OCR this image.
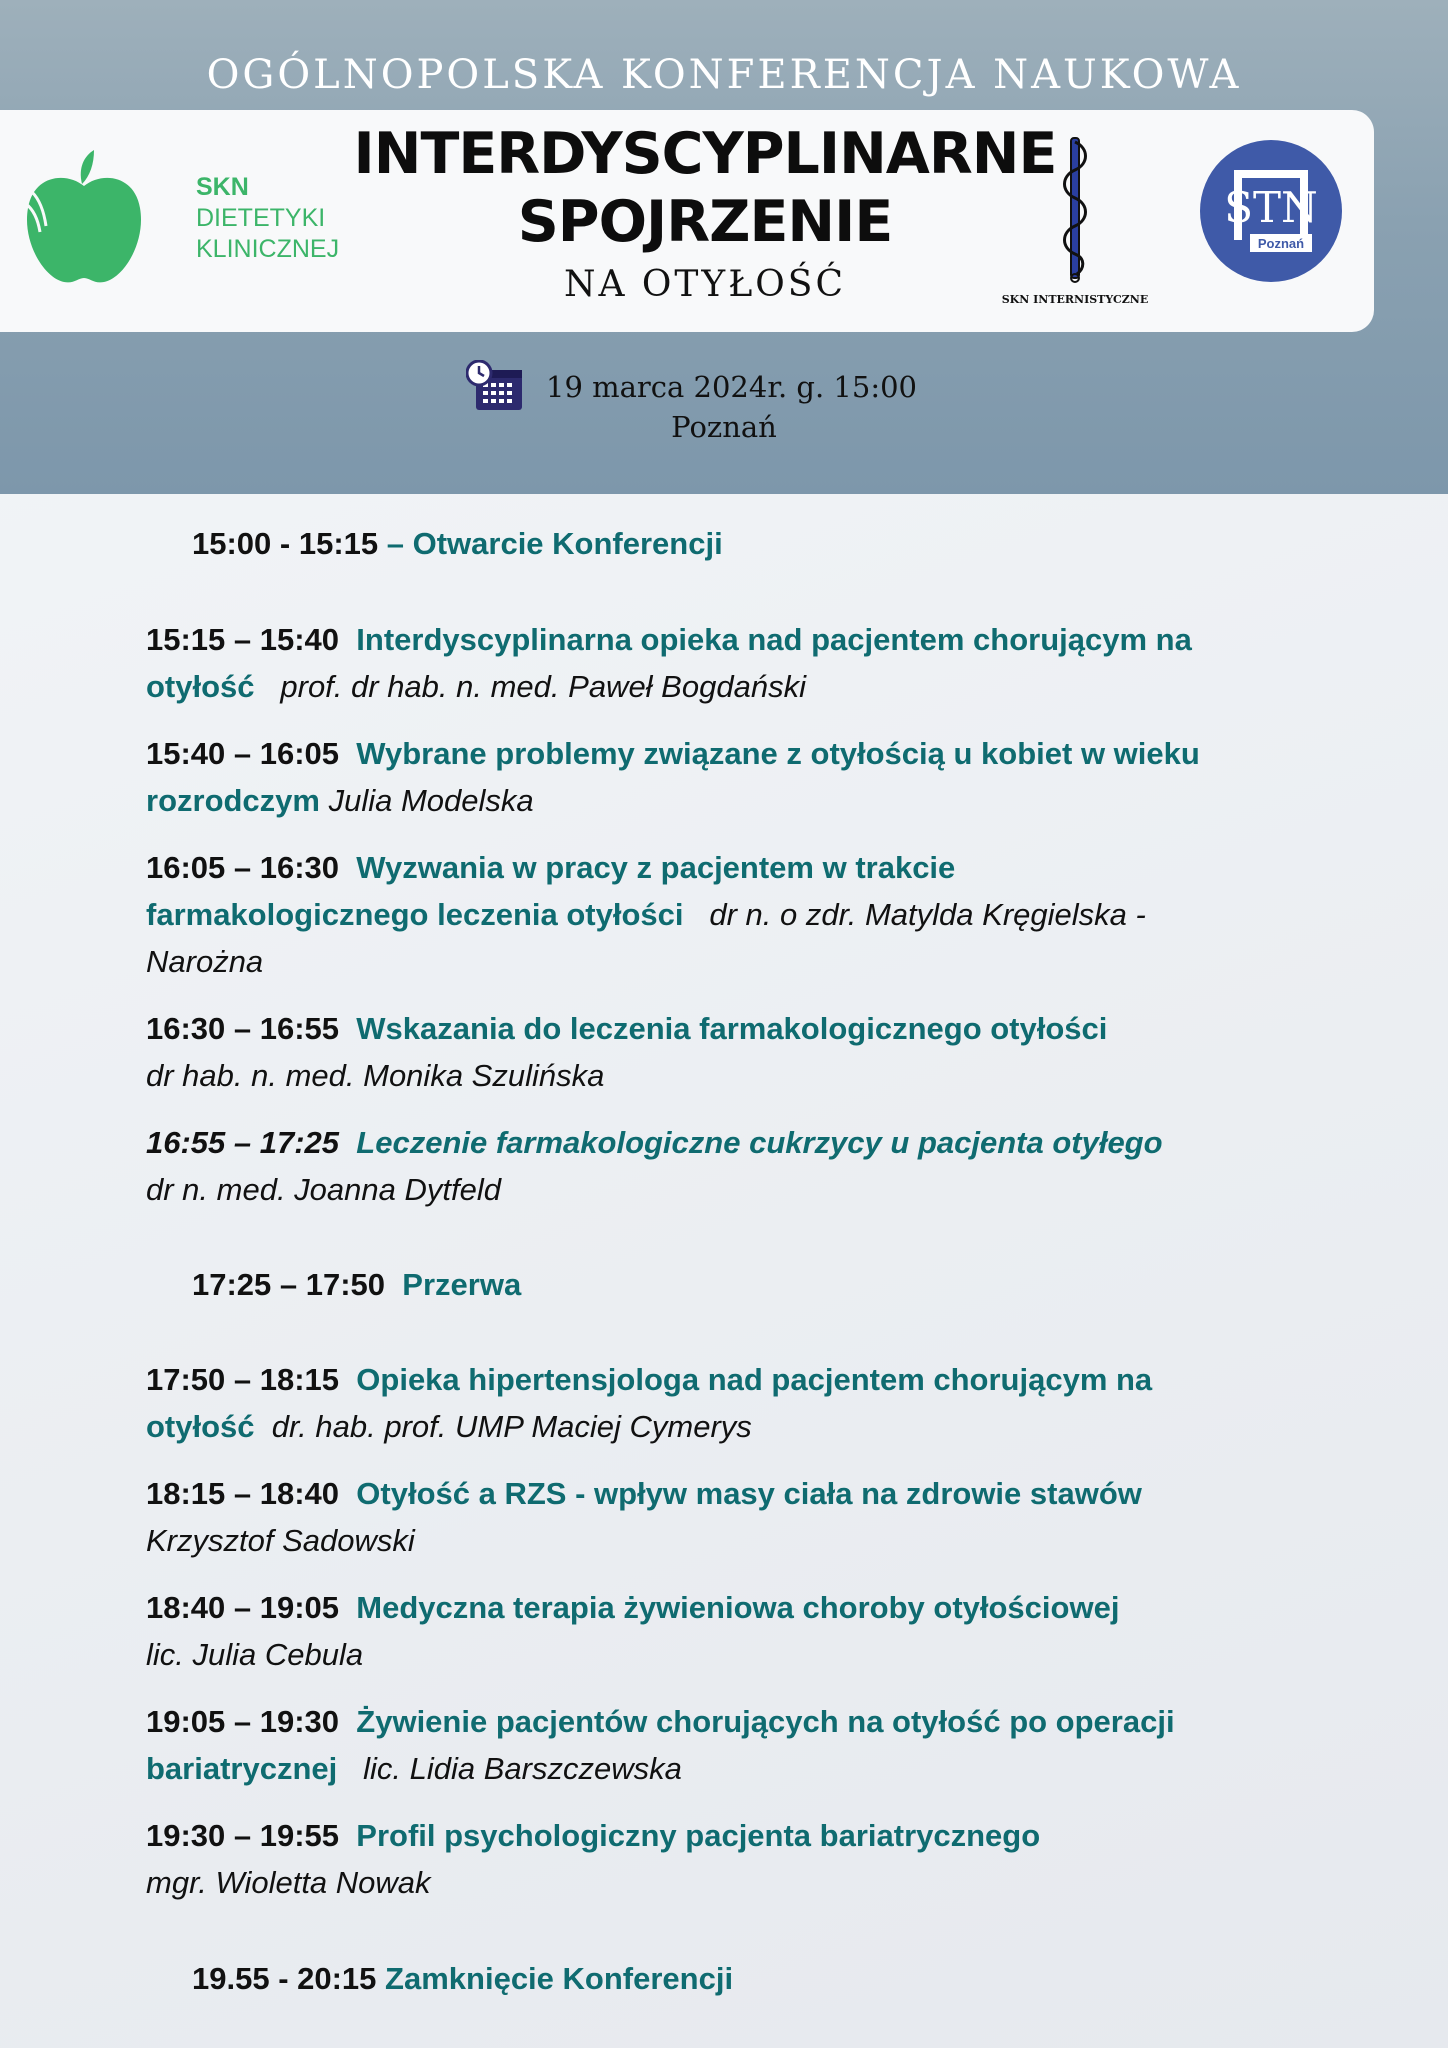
OGÓLNOPOLSKA KONFERENCJA NAUKOWA
SKN
DIETETYKI
KLINICZNEJ
INTERDYSCYPLINARNE
SPOJRZENIE
NA OTYŁOŚĆ	SKN INTERNISTYCZNE
STN
Poznań
19 marca 2024r. g. 15:00
Poznań
15:00 - 15:15 – Otwarcie Konferencji
15:15 – 15:40 Interdyscyplinarna opieka nad pacjentem chorującym na
otyłość prof. dr hab. n. med. Paweł Bogdański
15:40 – 16:05 Wybrane problemy związane z otyłością u kobiet w wieku
rozrodczym Julia Modelska
16:05 – 16:30 Wyzwania w pracy z pacjentem w trakcie
farmakologicznego leczenia otyłości dr n. o zdr. Matylda Kręgielska -
Narożna
16:30 – 16:55 Wskazania do leczenia farmakologicznego otyłości
dr hab. n. med. Monika Szulińska
16:55 – 17:25 Leczenie farmakologiczne cukrzycy u pacjenta otyłego
dr n. med. Joanna Dytfeld
17:25 – 17:50 Przerwa
17:50 – 18:15 Opieka hipertensjologa nad pacjentem chorującym na
otyłość dr. hab. prof. UMP Maciej Cymerys
18:15 – 18:40 Otyłość a RZS - wpływ masy ciała na zdrowie stawów
Krzysztof Sadowski
18:40 – 19:05 Medyczna terapia żywieniowa choroby otyłościowej
lic. Julia Cebula
19:05 – 19:30 Żywienie pacjentów chorujących na otyłość po operacji
bariatrycznej lic. Lidia Barszczewska
19:30 – 19:55 Profil psychologiczny pacjenta bariatrycznego
mgr. Wioletta Nowak
19.55 - 20:15 Zamknięcie Konferencji
